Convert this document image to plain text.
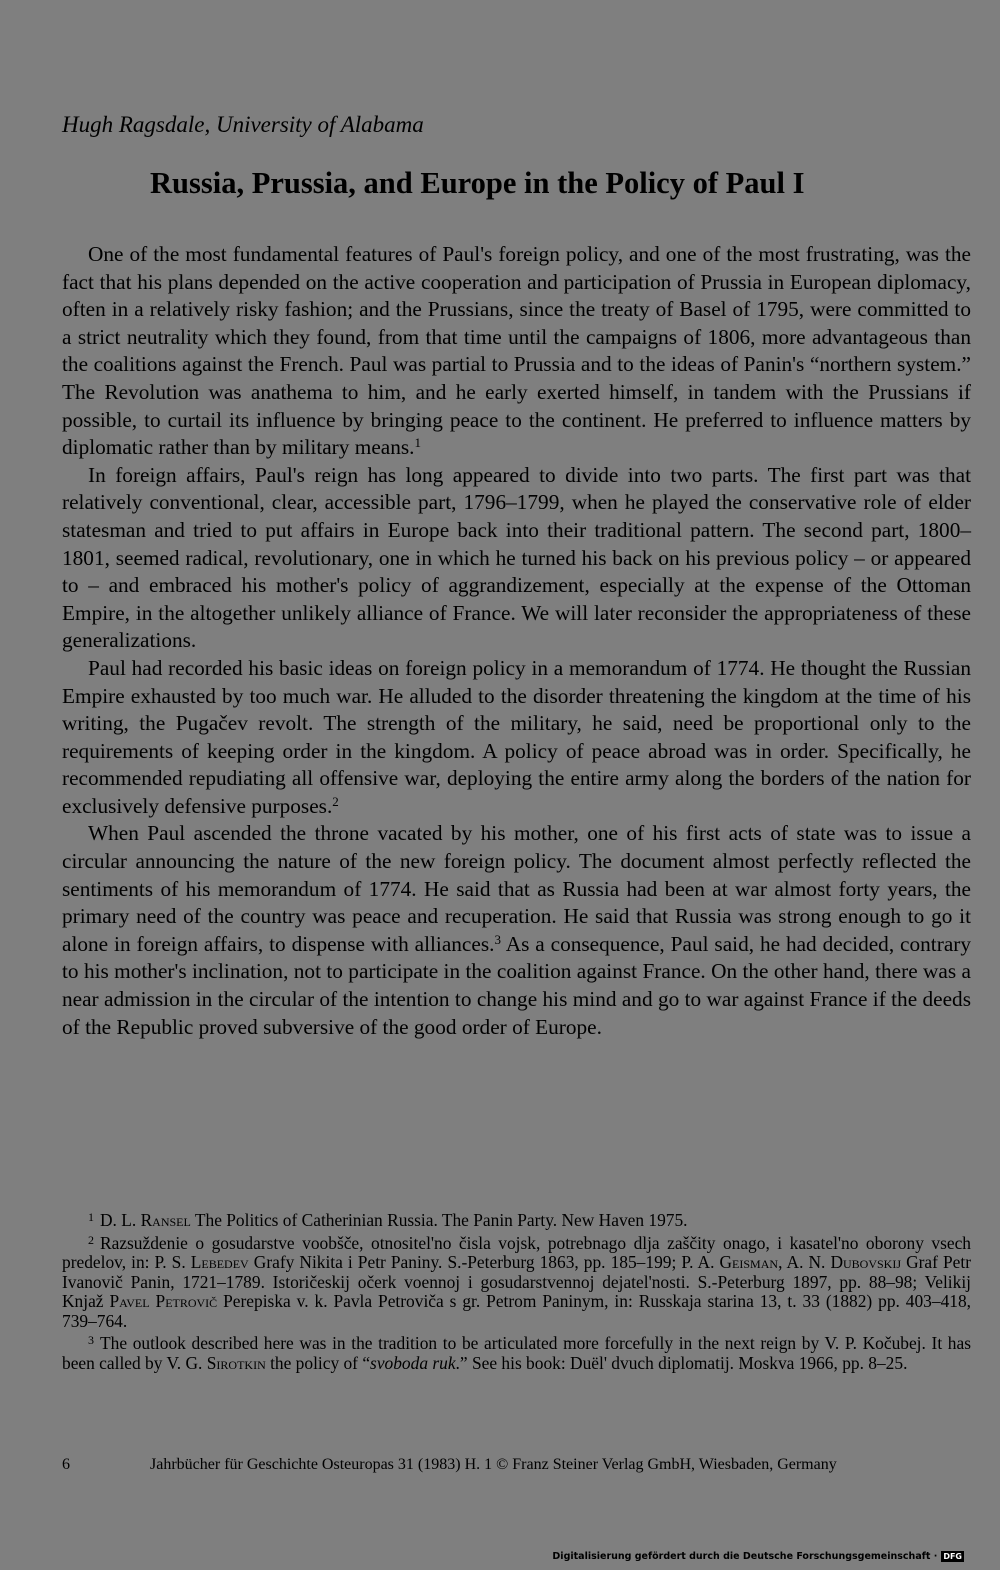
Hugh Ragsdale, University of Alabama
Russia, Prussia, and Europe in the Policy of Paul I

One of the most fundamental features of Paul's foreign policy, and one of the most frustrating, was the fact that his plans depended on the active cooperation and participation of Prussia in European diplomacy, often in a relatively risky fashion; and the Prussians, since the treaty of Basel of 1795, were committed to a strict neutrality which they found, from that time until the campaigns of 1806, more advantageous than the coalitions against the French. Paul was partial to Prussia and to the ideas of Panin's “northern system.” The Revolution was anathema to him, and he early exerted himself, in tandem with the Prussians if possible, to curtail its influence by bringing peace to the continent. He preferred to influence matters by diplomatic rather than by military means.$^1$

In foreign affairs, Paul's reign has long appeared to divide into two parts. The first part was that relatively conventional, clear, accessible part, 1796–1799, when he played the conservative role of elder statesman and tried to put affairs in Europe back into their traditional pattern. The second part, 1800–1801, seemed radical, revolutionary, one in which he turned his back on his previous policy – or appeared to – and embraced his mother's policy of aggrandizement, especially at the expense of the Ottoman Empire, in the altogether unlikely alliance of France. We will later reconsider the appropriateness of these generalizations.

Paul had recorded his basic ideas on foreign policy in a memorandum of 1774. He thought the Russian Empire exhausted by too much war. He alluded to the disorder threatening the kingdom at the time of his writing, the Pugačev revolt. The strength of the military, he said, need be proportional only to the requirements of keeping order in the kingdom. A policy of peace abroad was in order. Specifically, he recommended repudiating all offensive war, deploying the entire army along the borders of the nation for exclusively defensive purposes.$^2$

When Paul ascended the throne vacated by his mother, one of his first acts of state was to issue a circular announcing the nature of the new foreign policy. The document almost perfectly reflected the sentiments of his memorandum of 1774. He said that as Russia had been at war almost forty years, the primary need of the country was peace and recuperation. He said that Russia was strong enough to go it alone in foreign affairs, to dispense with alliances.$^3$ As a consequence, Paul said, he had decided, contrary to his mother's inclination, not to participate in the coalition against France. On the other hand, there was a near admission in the circular of the intention to change his mind and go to war against France if the deeds of the Republic proved subversive of the good order of Europe.

$^1$ D. L. Ransel The Politics of Catherinian Russia. The Panin Party. New Haven 1975.

$^2$ Razsuždenie o gosudarstve voobšče, otnositel'no čisla vojsk, potrebnago dlja zaščity onago, i kasatel'no oborony vsech predelov, in: P. S. Lebedev Grafy Nikita i Petr Paniny. S.-Peterburg 1863, pp. 185–199; P. A. Geisman, A. N. Dubovskij Graf Petr Ivanovič Panin, 1721–1789. Istoričeskij očerk voennoj i gosudarstvennoj dejatel'nosti. S.-Peterburg 1897, pp. 88–98; Velikij Knjaž Pavel Petrovič Perepiska v. k. Pavla Petroviča s gr. Petrom Paninym, in: Russkaja starina 13, t. 33 (1882) pp. 403–418, 739–764.

$^3$ The outlook described here was in the tradition to be articulated more forcefully in the next reign by V. P. Kočubej. It has been called by V. G. Sirotkin the policy of “svoboda ruk.” See his book: Duël' dvuch diplomatij. Moskva 1966, pp. 8–25.

6	Jahrbücher für Geschichte Osteuropas 31 (1983) H. 1 © Franz Steiner Verlag GmbH, Wiesbaden, Germany
Digitalisierung gefördert durch die Deutsche Forschungsgemeinschaft · DFG
